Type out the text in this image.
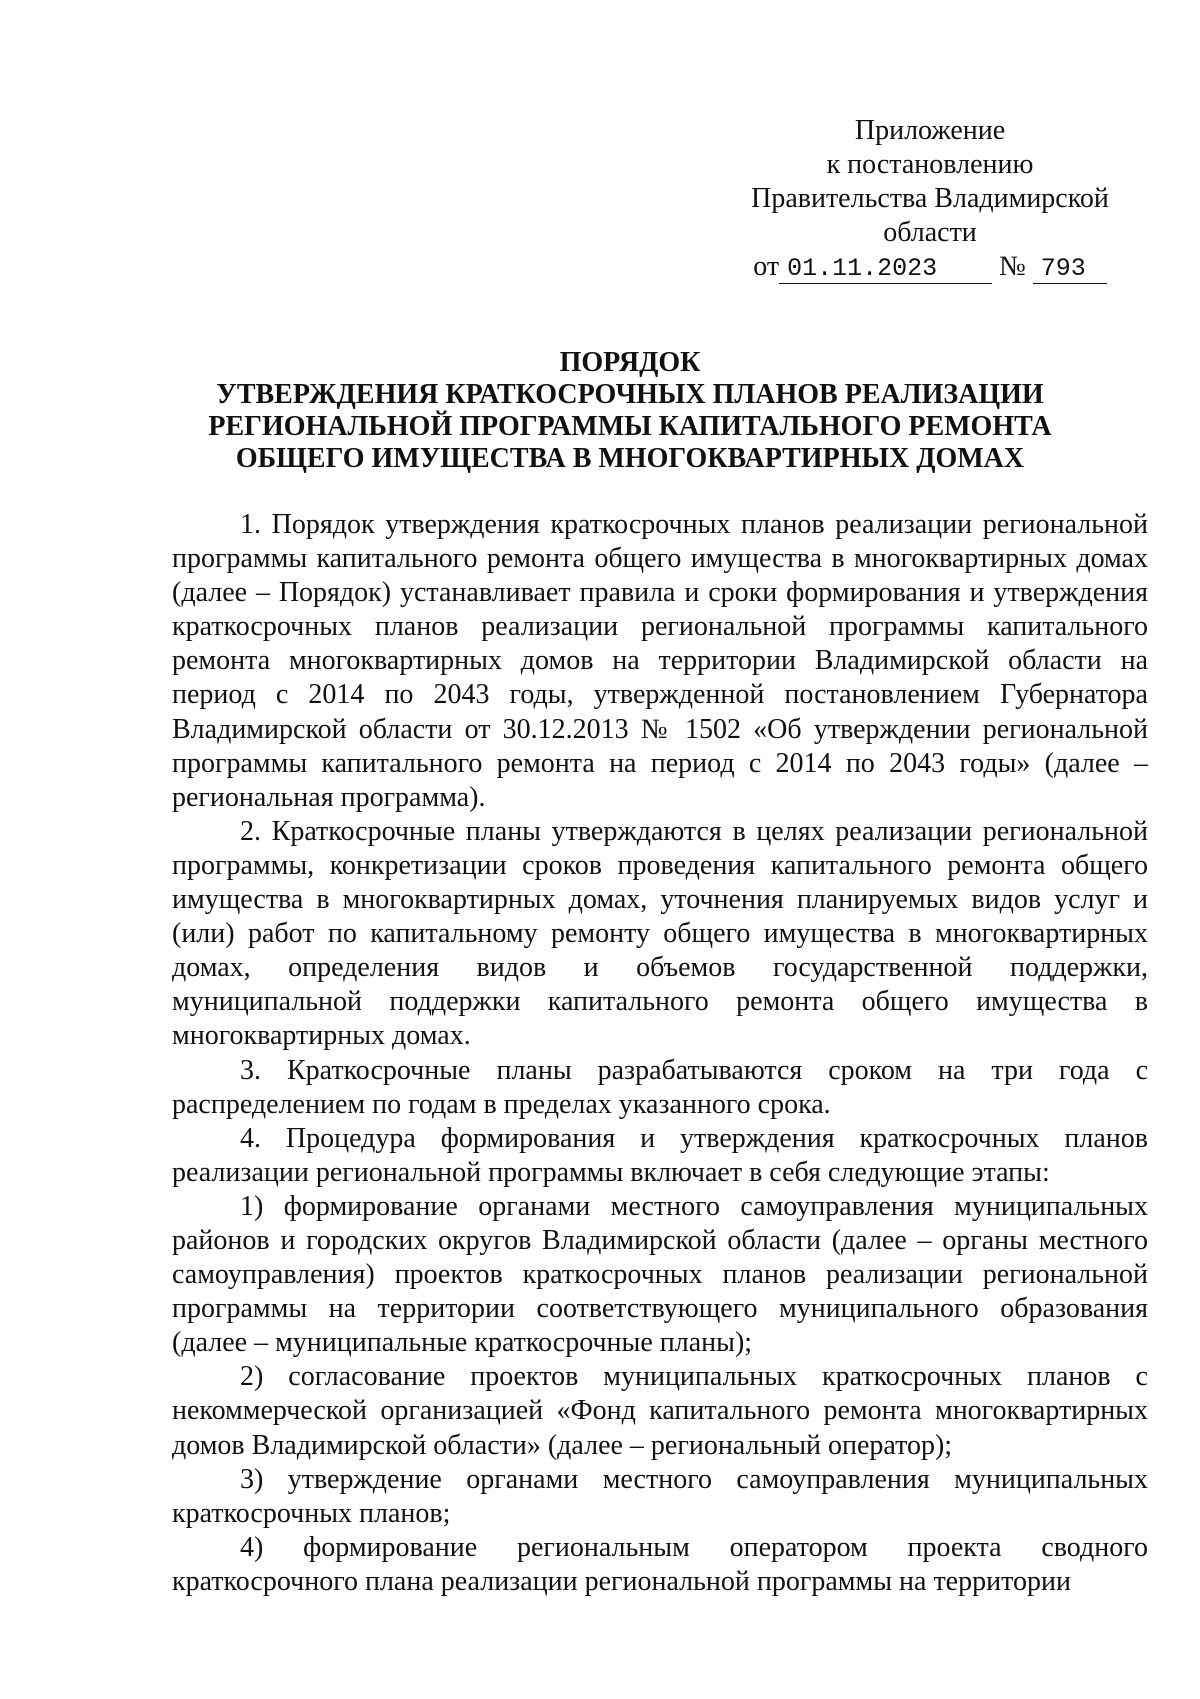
Приложение
к постановлению
Правительства Владимирской
области
от 01.11.2023 № 793
ПОРЯДОК
УТВЕРЖДЕНИЯ КРАТКОСРОЧНЫХ ПЛАНОВ РЕАЛИЗАЦИИ
РЕГИОНАЛЬНОЙ ПРОГРАММЫ КАПИТАЛЬНОГО РЕМОНТА
ОБЩЕГО ИМУЩЕСТВА В МНОГОКВАРТИРНЫХ ДОМАХ

1. Порядок утверждения краткосрочных планов реализации региональной программы капитального ремонта общего имущества в многоквартирных домах (далее – Порядок) устанавливает правила и сроки формирования и утверждения краткосрочных планов реализации региональной программы капитального ремонта многоквартирных домов на территории Владимирской области на период с 2014 по 2043 годы, утвержденной постановлением Губернатора Владимирской области от 30.12.2013 № 1502 «Об утверждении региональной программы капитального ремонта на период с 2014 по 2043 годы» (далее – региональная программа).

2. Краткосрочные планы утверждаются в целях реализации региональной программы, конкретизации сроков проведения капитального ремонта общего имущества в многоквартирных домах, уточнения планируемых видов услуг и (или) работ по капитальному ремонту общего имущества в многоквартирных домах, определения видов и объемов государственной поддержки, муниципальной поддержки капитального ремонта общего имущества в многоквартирных домах.

3. Краткосрочные планы разрабатываются сроком на три года с распределением по годам в пределах указанного срока.

4. Процедура формирования и утверждения краткосрочных планов реализации региональной программы включает в себя следующие этапы:

1) формирование органами местного самоуправления муниципальных районов и городских округов Владимирской области (далее – органы местного самоуправления) проектов краткосрочных планов реализации региональной программы на территории соответствующего муниципального образования (далее – муниципальные краткосрочные планы);

2) согласование проектов муниципальных краткосрочных планов с некоммерческой организацией «Фонд капитального ремонта многоквартирных домов Владимирской области» (далее – региональный оператор);

3) утверждение органами местного самоуправления муниципальных краткосрочных планов;

4) формирование региональным оператором проекта сводного краткосрочного плана реализации региональной программы на территории
